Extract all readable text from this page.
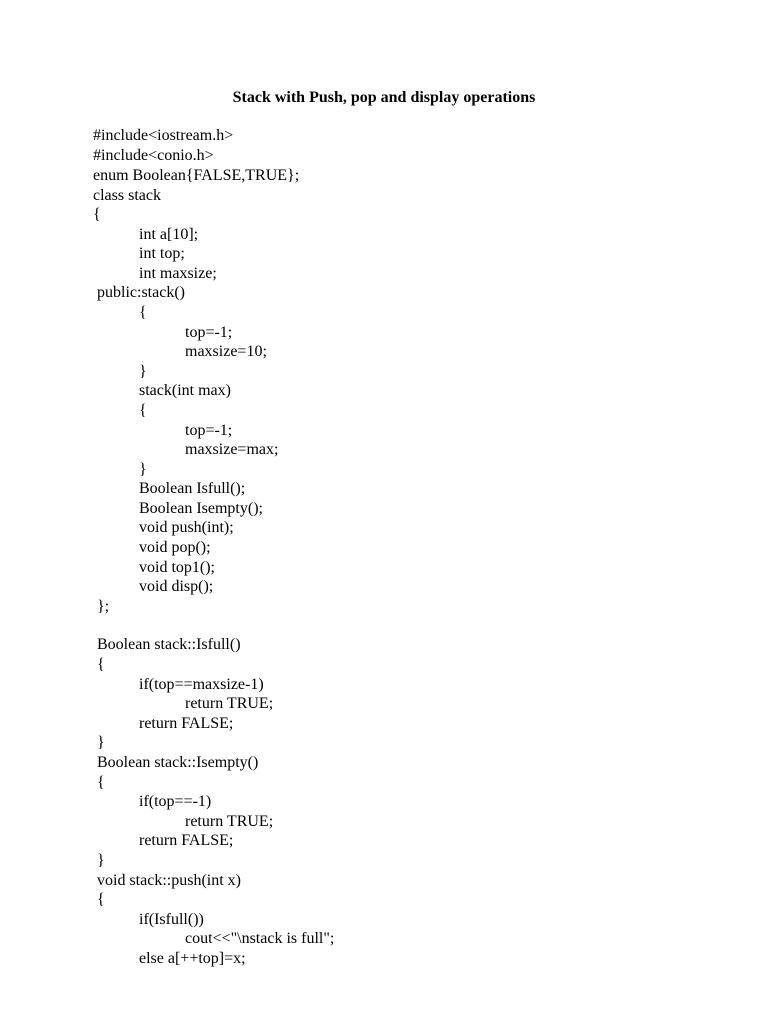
Stack with Push, pop and display operations
#include<iostream.h>
#include<conio.h>
enum Boolean{FALSE,TRUE};
class stack
{
int a[10];
int top;
int maxsize;
public:stack()
{
top=-1;
maxsize=10;
}
stack(int max)
{
top=-1;
maxsize=max;
}
Boolean Isfull();
Boolean Isempty();
void push(int);
void pop();
void top1();
void disp();
};
Boolean stack::Isfull()
{
if(top==maxsize-1)
return TRUE;
return FALSE;
}
Boolean stack::Isempty()
{
if(top==-1)
return TRUE;
return FALSE;
}
void stack::push(int x)
{
if(Isfull())
cout<<"\nstack is full";
else a[++top]=x;
